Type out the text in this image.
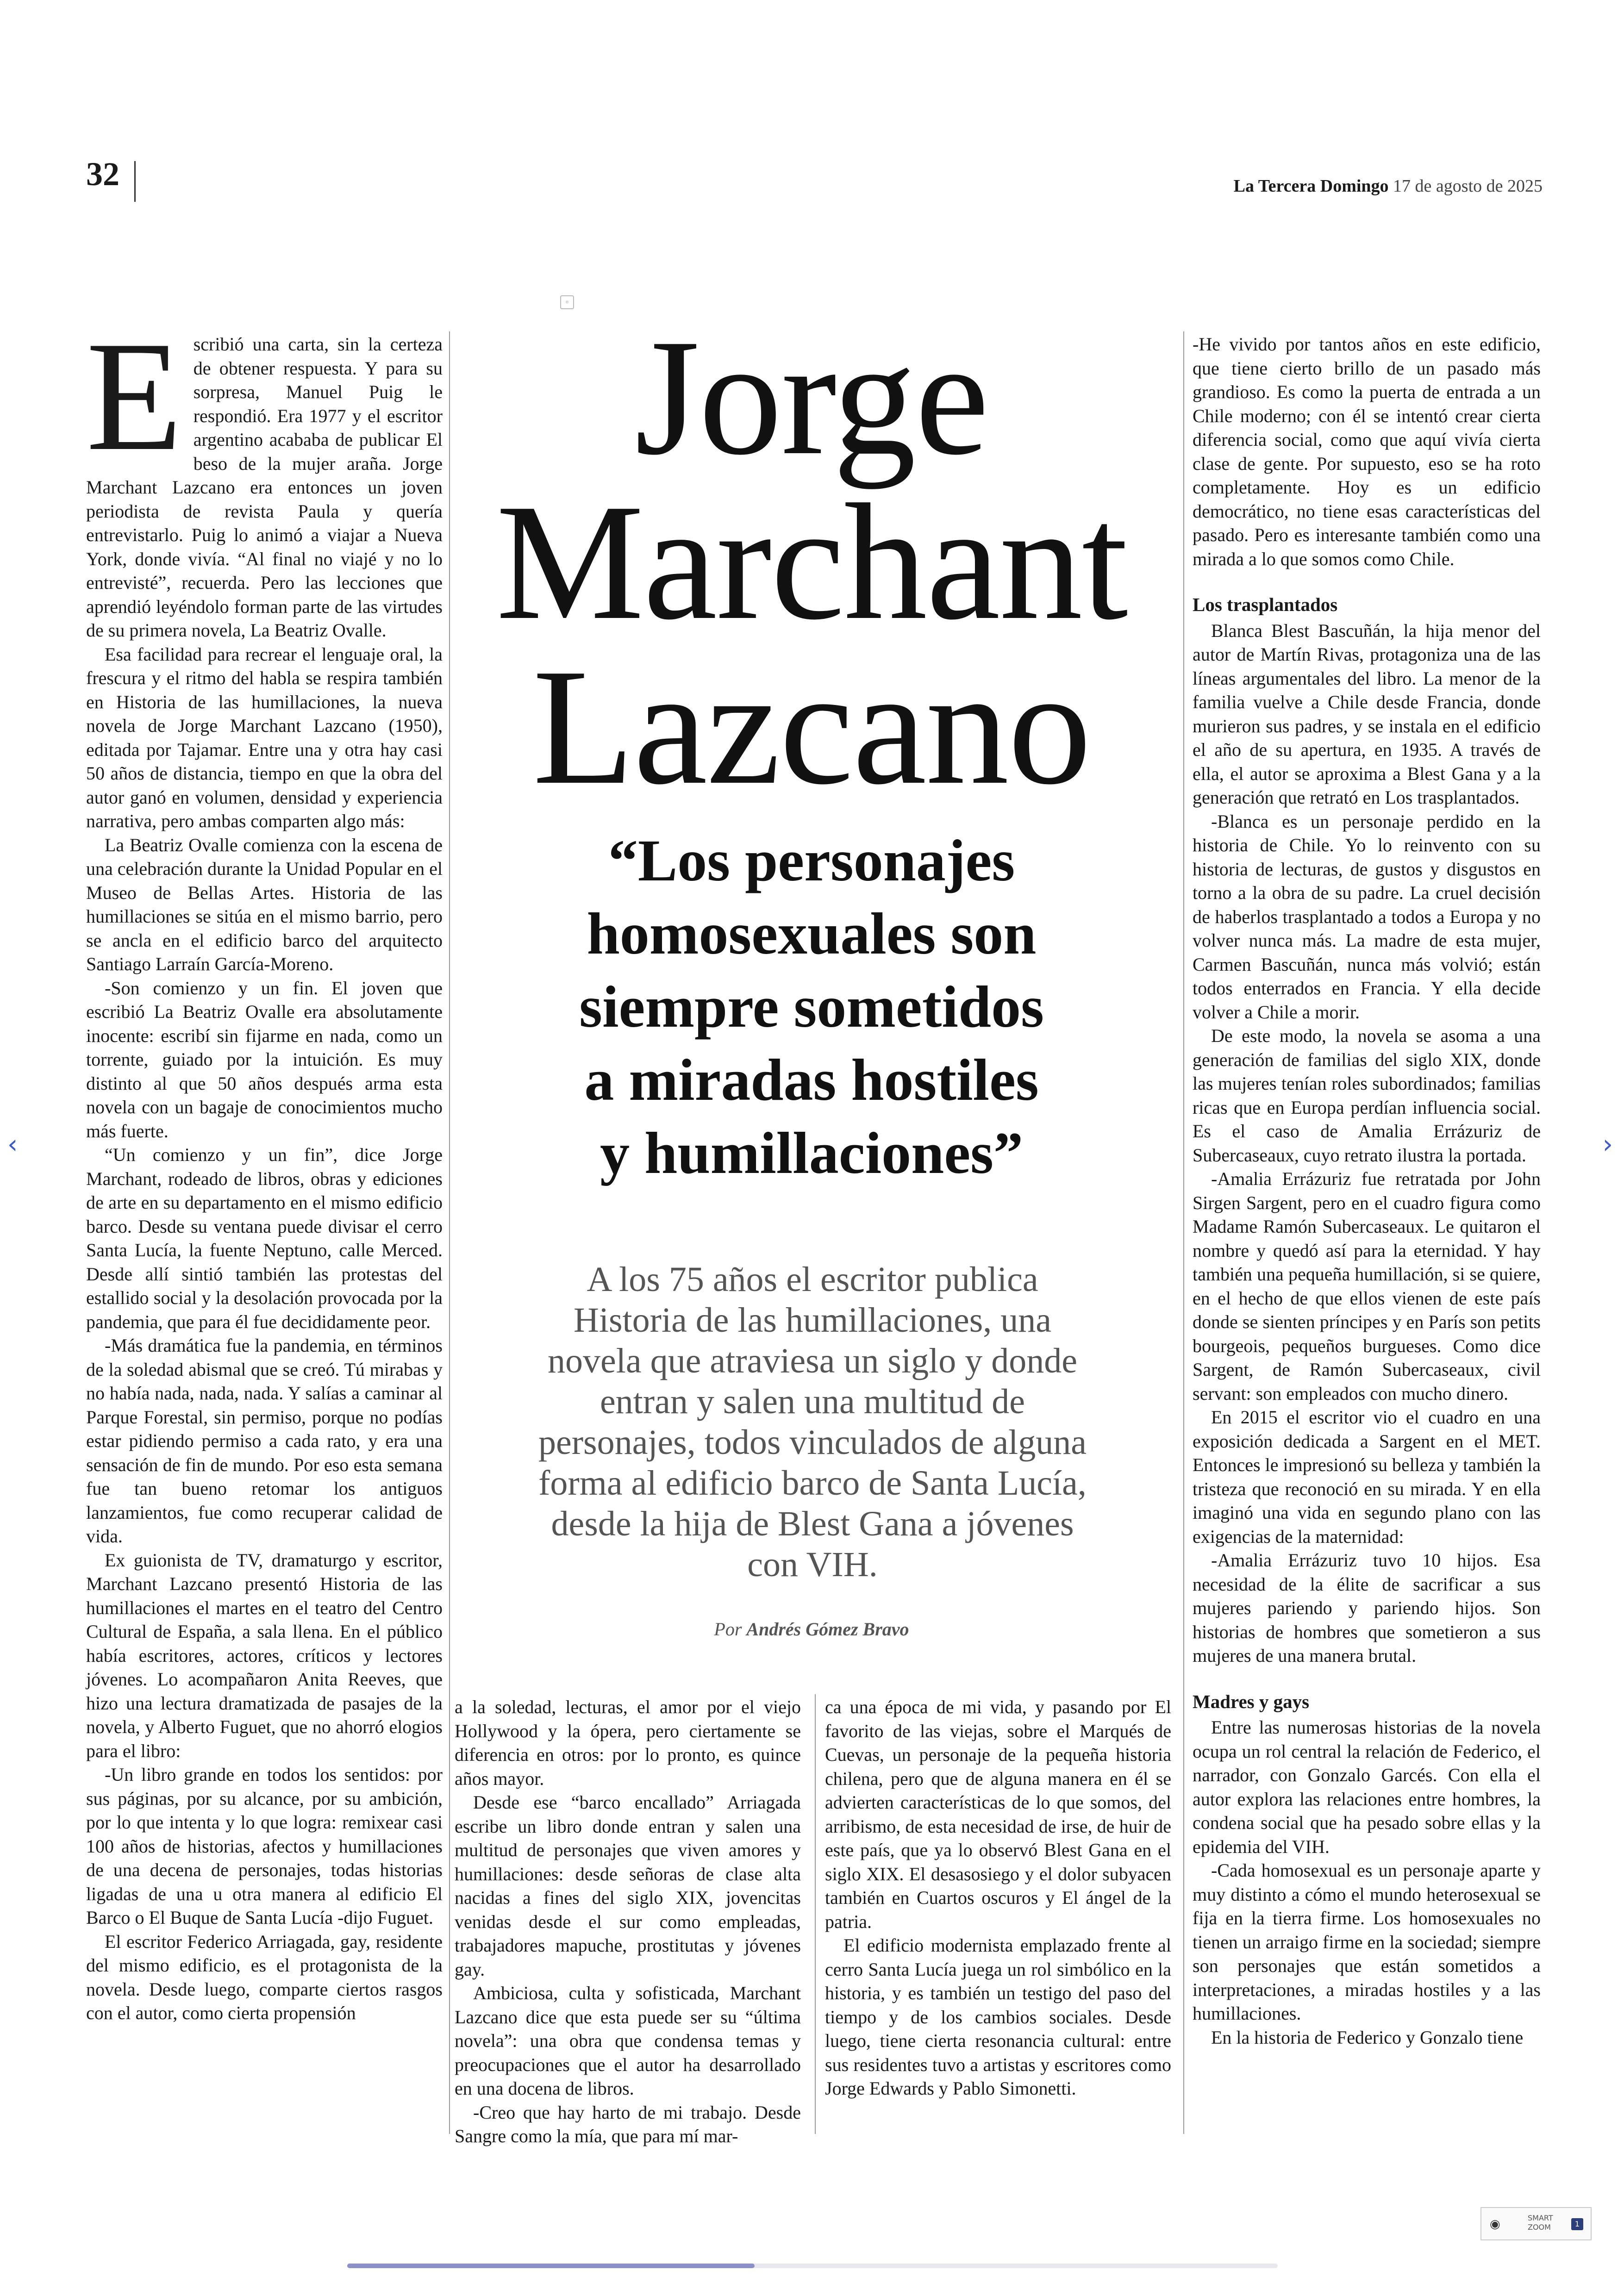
32	La Tercera Domingo 17 de agosto de 2025
▫
E scribió una carta, sin la certeza de obtener respuesta. Y para su sorpresa, Manuel Puig le respondió. Era 1977 y el escritor argentino acababa de publicar El beso de la mujer araña. Jorge Marchant Lazcano era entonces un joven periodista de revista Paula y quería entrevistarlo. Puig lo animó a viajar a Nueva York, donde vivía. “Al final no viajé y no lo entrevisté”, recuerda. Pero las lecciones que aprendió leyéndolo forman parte de las virtudes de su primera novela, La Beatriz Ovalle.

Esa facilidad para recrear el lenguaje oral, la frescura y el ritmo del habla se respira también en Historia de las humillaciones, la nueva novela de Jorge Marchant Lazcano (1950), editada por Tajamar. Entre una y otra hay casi 50 años de distancia, tiempo en que la obra del autor ganó en volumen, densidad y experiencia narrativa, pero ambas comparten algo más:

La Beatriz Ovalle comienza con la escena de una celebración durante la Unidad Popular en el Museo de Bellas Artes. Historia de las humillaciones se sitúa en el mismo barrio, pero se ancla en el edificio barco del arquitecto Santiago Larraín García-Moreno.

-Son comienzo y un fin. El joven que escribió La Beatriz Ovalle era absolutamente inocente: escribí sin fijarme en nada, como un torrente, guiado por la intuición. Es muy distinto al que 50 años después arma esta novela con un bagaje de conocimientos mucho más fuerte.

“Un comienzo y un fin”, dice Jorge Marchant, rodeado de libros, obras y ediciones de arte en su departamento en el mismo edificio barco. Desde su ventana puede divisar el cerro Santa Lucía, la fuente Neptuno, calle Merced. Desde allí sintió también las protestas del estallido social y la desolación provocada por la pandemia, que para él fue decididamente peor.

-Más dramática fue la pandemia, en términos de la soledad abismal que se creó. Tú mirabas y no había nada, nada, nada. Y salías a caminar al Parque Forestal, sin permiso, porque no podías estar pidiendo permiso a cada rato, y era una sensación de fin de mundo. Por eso esta semana fue tan bueno retomar los antiguos lanzamientos, fue como recuperar calidad de vida.

Ex guionista de TV, dramaturgo y escritor, Marchant Lazcano presentó Historia de las humillaciones el martes en el teatro del Centro Cultural de España, a sala llena. En el público había escritores, actores, críticos y lectores jóvenes. Lo acompañaron Anita Reeves, que hizo una lectura dramatizada de pasajes de la novela, y Alberto Fuguet, que no ahorró elogios para el libro:

-Un libro grande en todos los sentidos: por sus páginas, por su alcance, por su ambición, por lo que intenta y lo que logra: remixear casi 100 años de historias, afectos y humillaciones de una decena de personajes, todas historias ligadas de una u otra manera al edificio El Barco o El Buque de Santa Lucía -dijo Fuguet.

El escritor Federico Arriagada, gay, residente del mismo edificio, es el protagonista de la novela. Desde luego, comparte ciertos rasgos con el autor, como cierta propensión

Jorge
Marchant
Lazcano
“Los personajes
homosexuales son
siempre sometidos
a miradas hostiles
y humillaciones”
A los 75 años el escritor publica Historia de las humillaciones, una novela que atraviesa un siglo y donde entran y salen una multitud de personajes, todos vinculados de alguna forma al edificio barco de Santa Lucía, desde la hija de Blest Gana a jóvenes con VIH.
Por Andrés Gómez Bravo

a la soledad, lecturas, el amor por el viejo Hollywood y la ópera, pero ciertamente se diferencia en otros: por lo pronto, es quince años mayor.

Desde ese “barco encallado” Arriagada escribe un libro donde entran y salen una multitud de personajes que viven amores y humillaciones: desde señoras de clase alta nacidas a fines del siglo XIX, jovencitas venidas desde el sur como empleadas, trabajadores mapuche, prostitutas y jóvenes gay.

Ambiciosa, culta y sofisticada, Marchant Lazcano dice que esta puede ser su “última novela”: una obra que condensa temas y preocupaciones que el autor ha desarrollado en una docena de libros.

-Creo que hay harto de mi trabajo. Desde Sangre como la mía, que para mí mar-

ca una época de mi vida, y pasando por El favorito de las viejas, sobre el Marqués de Cuevas, un personaje de la pequeña historia chilena, pero que de alguna manera en él se advierten características de lo que somos, del arribismo, de esta necesidad de irse, de huir de este país, que ya lo observó Blest Gana en el siglo XIX. El desasosiego y el dolor subyacen también en Cuartos oscuros y El ángel de la patria.

El edificio modernista emplazado frente al cerro Santa Lucía juega un rol simbólico en la historia, y es también un testigo del paso del tiempo y de los cambios sociales. Desde luego, tiene cierta resonancia cultural: entre sus residentes tuvo a artistas y escritores como Jorge Edwards y Pablo Simonetti.

-He vivido por tantos años en este edificio, que tiene cierto brillo de un pasado más grandioso. Es como la puerta de entrada a un Chile moderno; con él se intentó crear cierta diferencia social, como que aquí vivía cierta clase de gente. Por supuesto, eso se ha roto completamente. Hoy es un edificio democrático, no tiene esas características del pasado. Pero es interesante también como una mirada a lo que somos como Chile.

Los trasplantados

Blanca Blest Bascuñán, la hija menor del autor de Martín Rivas, protagoniza una de las líneas argumentales del libro. La menor de la familia vuelve a Chile desde Francia, donde murieron sus padres, y se instala en el edificio el año de su apertura, en 1935. A través de ella, el autor se aproxima a Blest Gana y a la generación que retrató en Los trasplantados.

-Blanca es un personaje perdido en la historia de Chile. Yo lo reinvento con su historia de lecturas, de gustos y disgustos en torno a la obra de su padre. La cruel decisión de haberlos trasplantado a todos a Europa y no volver nunca más. La madre de esta mujer, Carmen Bascuñán, nunca más volvió; están todos enterrados en Francia. Y ella decide volver a Chile a morir.

De este modo, la novela se asoma a una generación de familias del siglo XIX, donde las mujeres tenían roles subordinados; familias ricas que en Europa perdían influencia social. Es el caso de Amalia Errázuriz de Subercaseaux, cuyo retrato ilustra la portada.

-Amalia Errázuriz fue retratada por John Sirgen Sargent, pero en el cuadro figura como Madame Ramón Subercaseaux. Le quitaron el nombre y quedó así para la eternidad. Y hay también una pequeña humillación, si se quiere, en el hecho de que ellos vienen de este país donde se sienten príncipes y en París son petits bourgeois, pequeños burgueses. Como dice Sargent, de Ramón Subercaseaux, civil servant: son empleados con mucho dinero.

En 2015 el escritor vio el cuadro en una exposición dedicada a Sargent en el MET. Entonces le impresionó su belleza y también la tristeza que reconoció en su mirada. Y en ella imaginó una vida en segundo plano con las exigencias de la maternidad:

-Amalia Errázuriz tuvo 10 hijos. Esa necesidad de la élite de sacrificar a sus mujeres pariendo y pariendo hijos. Son historias de hombres que sometieron a sus mujeres de una manera brutal.

Madres y gays

Entre las numerosas historias de la novela ocupa un rol central la relación de Federico, el narrador, con Gonzalo Garcés. Con ella el autor explora las relaciones entre hombres, la condena social que ha pesado sobre ellas y la epidemia del VIH.

-Cada homosexual es un personaje aparte y muy distinto a cómo el mundo heterosexual se fija en la tierra firme. Los homosexuales no tienen un arraigo firme en la sociedad; siempre son personajes que están sometidos a interpretaciones, a miradas hostiles y a las humillaciones.

En la historia de Federico y Gonzalo tiene

‹	›
◉	SMART
ZOOM	1
